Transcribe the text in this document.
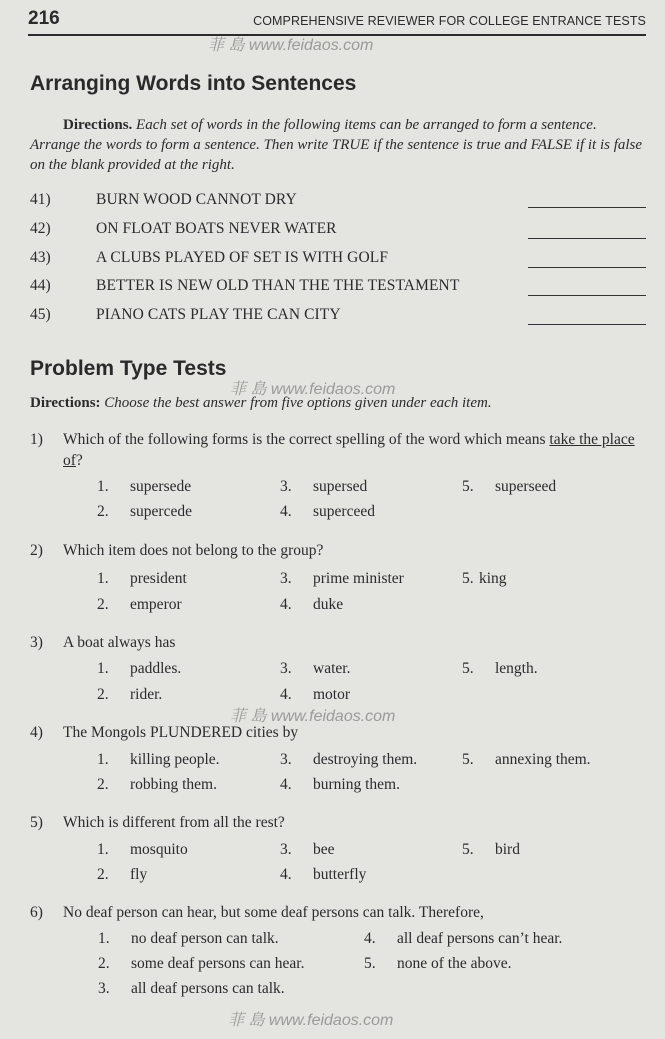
216	COMPREHENSIVE REVIEWER FOR COLLEGE ENTRANCE TESTS
菲 島 www.feidaos.com
菲 島 www.feidaos.com
菲 島 www.feidaos.com
菲 島 www.feidaos.com
Arranging Words into Sentences
Directions. Each set of words in the following items can be arranged to form a sentence. Arrange the words to form a sentence. Then write TRUE if the sentence is true and FALSE if it is false on the blank provided at the right.
41)	BURN WOOD CANNOT DRY
42)	ON FLOAT BOATS NEVER WATER
43)	A CLUBS PLAYED OF SET IS WITH GOLF
44)	BETTER IS NEW OLD THAN THE THE TESTAMENT
45)	PIANO CATS PLAY THE CAN CITY
Problem Type Tests
Directions: Choose the best answer from five options given under each item.
1) Which of the following forms is the correct spelling of the word which means take the place of?
1. supersede
2. supercede
3. supersed
4. superceed
5. superseed
2) Which item does not belong to the group?
1. president
2. emperor
3. prime minister
4. duke
5. king
3) A boat always has
1. paddles.
2. rider.
3. water.
4. motor
5. length.
4) The Mongols PLUNDERED cities by
1. killing people.
2. robbing them.
3. destroying them.
4. burning them.
5. annexing them.
5) Which is different from all the rest?
1. mosquito
2. fly
3. bee
4. butterfly
5. bird
6) No deaf person can hear, but some deaf persons can talk. Therefore,
1. no deaf person can talk.
2. some deaf persons can hear.
3. all deaf persons can talk.
4. all deaf persons can’t hear.
5. none of the above.
